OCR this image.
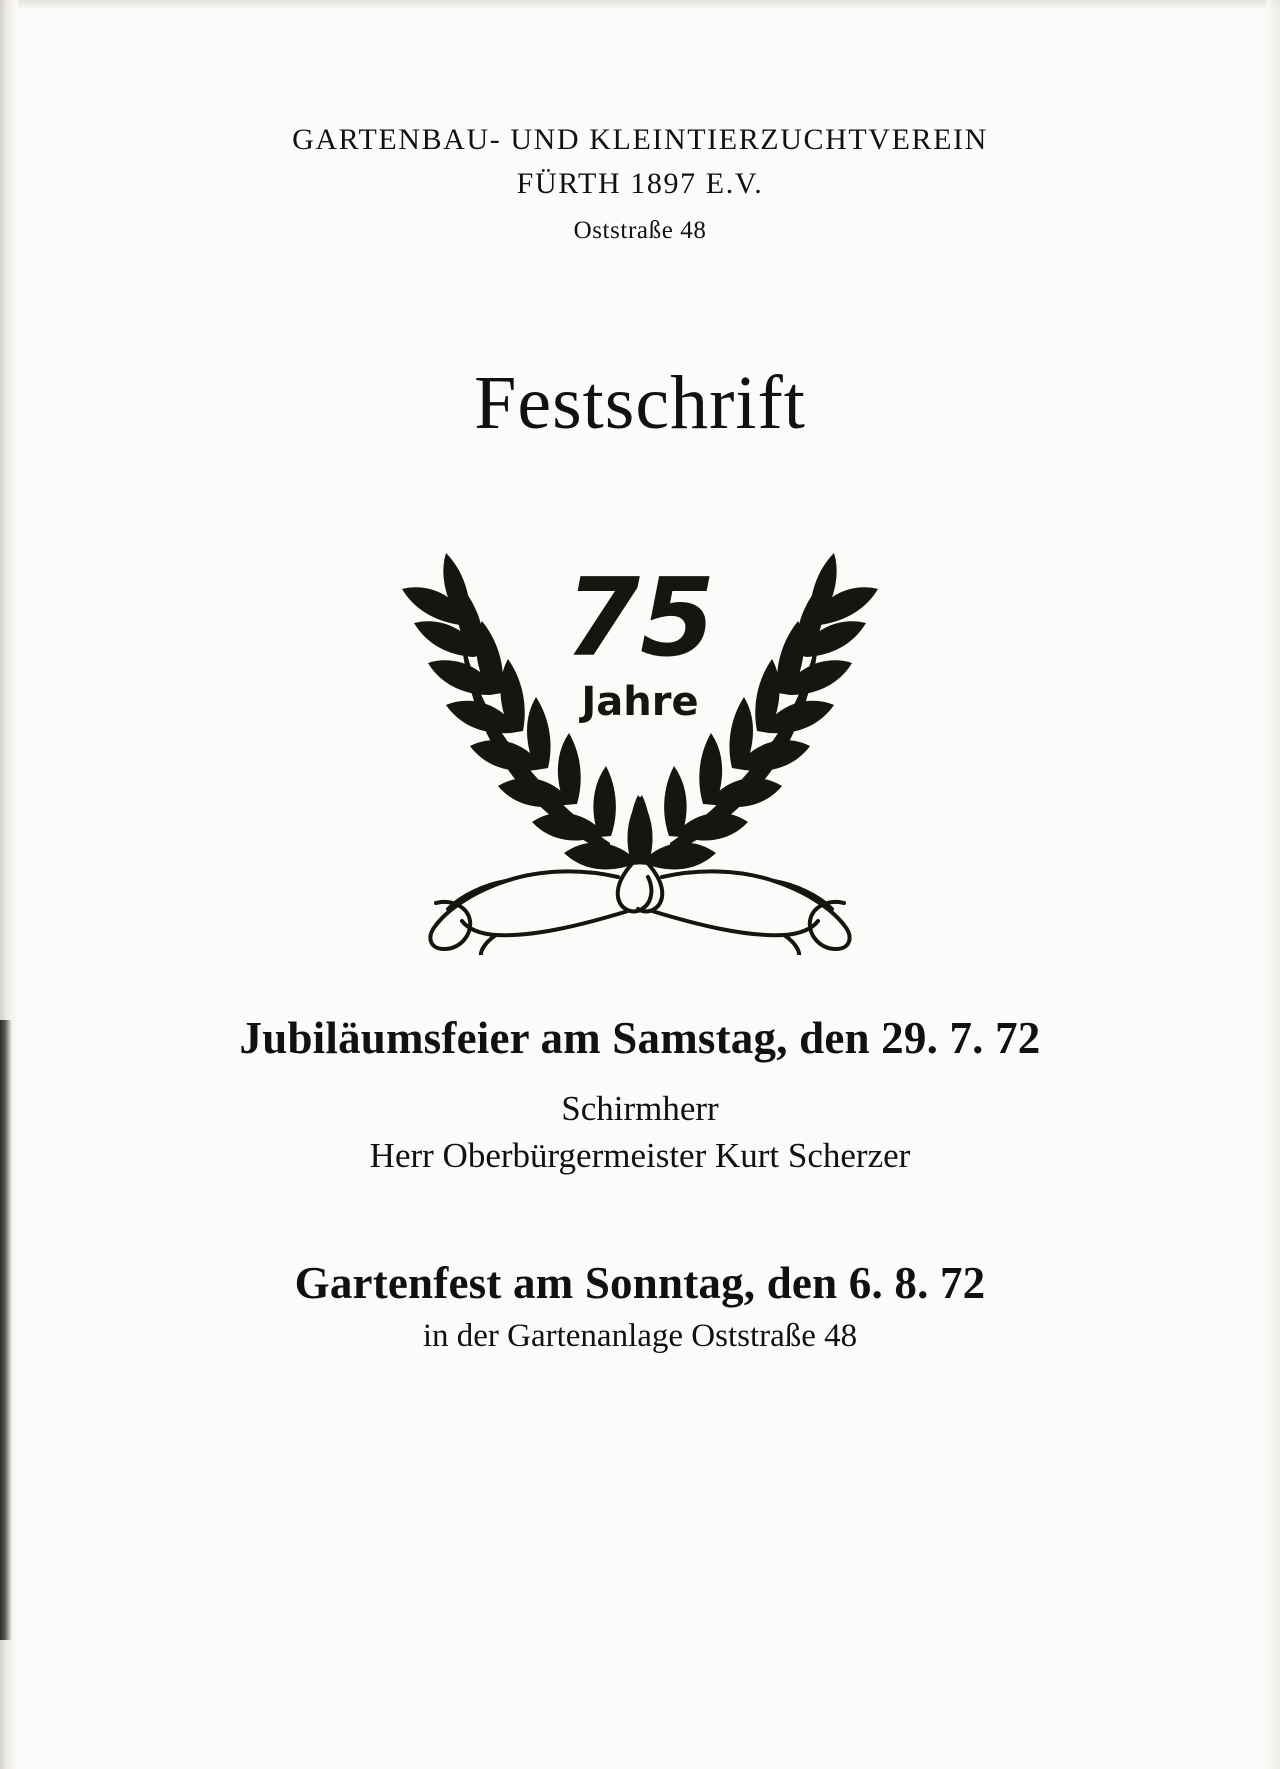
GARTENBAU- UND KLEINTIERZUCHTVEREIN
FÜRTH 1897 E.V.
Oststraße 48
Festschrift
75
Jahre
Jubiläumsfeier am Samstag, den 29. 7. 72
Schirmherr
Herr Oberbürgermeister Kurt Scherzer
Gartenfest am Sonntag, den 6. 8. 72
in der Gartenanlage Oststraße 48
